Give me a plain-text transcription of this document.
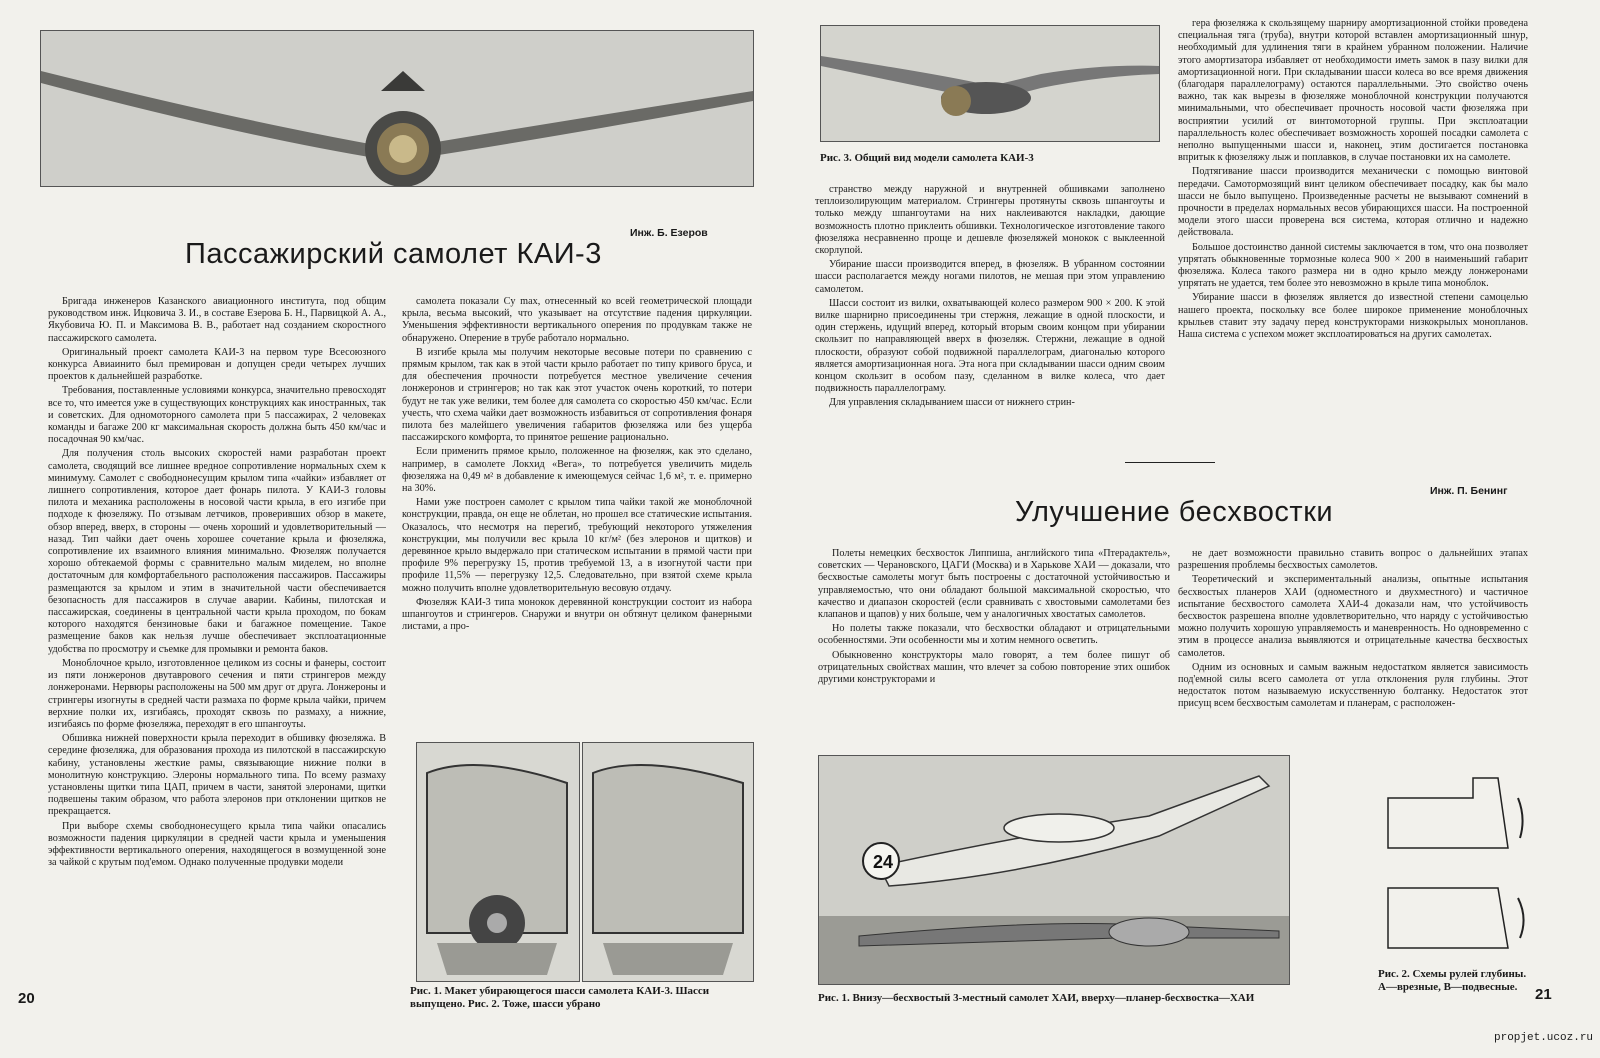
Инж. Б. Езеров
Пассажирский самолет КАИ-3

Бригада инженеров Казанского авиационного института, под общим руководством инж. Ицковича З. И., в составе Езерова Б. Н., Парвицкой А. А., Якубовича Ю. П. и Максимова В. В., работает над созданием скоростного пассажирского самолета.

Оригинальный проект самолета КАИ-3 на первом туре Всесоюзного конкурса Авиаинито был премирован и допущен среди четырех лучших проектов к дальнейшей разработке.

Требования, поставленные условиями конкурса, значительно превосходят все то, что имеется уже в существующих конструкциях как иностранных, так и советских. Для одномоторного самолета при 5 пассажирах, 2 человеках команды и багаже 200 кг максимальная скорость должна быть 450 км/час и посадочная 90 км/час.

Для получения столь высоких скоростей нами разработан проект самолета, сводящий все лишнее вредное сопротивление нормальных схем к минимуму. Самолет с свободнонесущим крылом типа «чайки» избавляет от лишнего сопротивления, которое дает фонарь пилота. У КАИ-3 головы пилота и механика расположены в носовой части крыла, в его изгибе при подходе к фюзеляжу. По отзывам летчиков, проверивших обзор в макете, обзор вперед, вверх, в стороны — очень хороший и удовлетворительный — назад. Тип чайки дает очень хорошее сочетание крыла и фюзеляжа, сопротивление их взаимного влияния минимально. Фюзеляж получается хорошо обтекаемой формы с сравнительно малым миделем, но вполне достаточным для комфортабельного расположения пассажиров. Пассажиры размещаются за крылом и этим в значительной части обеспечивается безопасность для пассажиров в случае аварии. Кабины, пилотская и пассажирская, соединены в центральной части крыла проходом, по бокам которого находятся бензиновые баки и багажное помещение. Такое размещение баков как нельзя лучше обеспечивает эксплоатационные удобства по просмотру и съемке для промывки и ремонта баков.

Моноблочное крыло, изготовленное целиком из сосны и фанеры, состоит из пяти лонжеронов двутаврового сечения и пяти стрингеров между лонжеронами. Нервюры расположены на 500 мм друг от друга. Лонжероны и стрингеры изогнуты в средней части размаха по форме крыла чайки, причем верхние полки их, изгибаясь, проходят сквозь по размаху, а нижние, изгибаясь по форме фюзеляжа, переходят в его шпангоуты.

Обшивка нижней поверхности крыла переходит в обшивку фюзеляжа. В середине фюзеляжа, для образования прохода из пилотской в пассажирскую кабину, установлены жесткие рамы, связывающие нижние полки в монолитную конструкцию. Элероны нормального типа. По всему размаху установлены щитки типа ЦАП, причем в части, занятой элеронами, щитки подвешены таким образом, что работа элеронов при отклонении щитков не прекращается.

При выборе схемы свободнонесущего крыла типа чайки опасались возможности падения циркуляции в средней части крыла и уменьшения эффективности вертикального оперения, находящегося в возмущенной зоне за чайкой с крутым под'емом. Однако полученные продувки модели

самолета показали Cy max, отнесенный ко всей геометрической площади крыла, весьма высокий, что указывает на отсутствие падения циркуляции. Уменьшения эффективности вертикального оперения по продувкам также не обнаружено. Оперение в трубе работало нормально.

В изгибе крыла мы получим некоторые весовые потери по сравнению с прямым крылом, так как в этой части крыло работает по типу кривого бруса, и для обеспечения прочности потребуется местное увеличение сечения лонжеронов и стрингеров; но так как этот участок очень короткий, то потери будут не так уже велики, тем более для самолета со скоростью 450 км/час. Если учесть, что схема чайки дает возможность избавиться от сопротивления фонаря пилота без малейшего увеличения габаритов фюзеляжа или без ущерба пассажирского комфорта, то принятое решение рационально.

Если применить прямое крыло, положенное на фюзеляж, как это сделано, например, в самолете Локхид «Вега», то потребуется увеличить мидель фюзеляжа на 0,49 м² в добавление к имеющемуся сейчас 1,6 м², т. е. примерно на 30%.

Нами уже построен самолет с крылом типа чайки такой же моноблочной конструкции, правда, он еще не облетан, но прошел все статические испытания. Оказалось, что несмотря на перегиб, требующий некоторого утяжеления конструкции, мы получили вес крыла 10 кг/м² (без элеронов и щитков) и деревянное крыло выдержало при статическом испытании в прямой части при профиле 9% перегрузку 15, против требуемой 13, а в изогнутой части при профиле 11,5% — перегрузку 12,5. Следовательно, при взятой схеме крыла можно получить вполне удовлетворительную весовую отдачу.

Фюзеляж КАИ-3 типа монокок деревянной конструкции состоит из набора шпангоутов и стрингеров. Снаружи и внутри он обтянут целиком фанерными листами, а про-

Рис. 1. Макет убирающегося шасси самолета КАИ-3. Шасси выпущено. Рис. 2. Тоже, шасси убрано
20
Рис. 3. Общий вид модели самолета КАИ-3

странство между наружной и внутренней обшивками заполнено теплоизолирующим материалом. Стрингеры протянуты сквозь шпангоуты и только между шпангоутами на них наклеиваются накладки, дающие возможность плотно приклеить обшивки. Технологическое изготовление такого фюзеляжа несравненно проще и дешевле фюзеляжей монокок с выклеенной скорлупой.

Убирание шасси производится вперед, в фюзеляж. В убранном состоянии шасси располагается между ногами пилотов, не мешая при этом управлению самолетом.

Шасси состоит из вилки, охватывающей колесо размером 900 × 200. К этой вилке шарнирно присоединены три стержня, лежащие в одной плоскости, и один стержень, идущий вперед, который вторым своим концом при убирании скользит по направляющей вверх в фюзеляж. Стержни, лежащие в одной плоскости, образуют собой подвижной параллелограм, диагональю которого является амортизационная нога. Эта нога при складывании шасси одним своим концом скользит в особом пазу, сделанном в вилке колеса, что дает подвижность параллелограму.

Для управления складыванием шасси от нижнего стрин-

гера фюзеляжа к скользящему шарниру амортизационной стойки проведена специальная тяга (труба), внутри которой вставлен амортизационный шнур, необходимый для удлинения тяги в крайнем убранном положении. Наличие этого амортизатора избавляет от необходимости иметь замок в пазу вилки для амортизационной ноги. При складывании шасси колеса во все время движения (благодаря параллелограму) остаются параллельными. Это свойство очень важно, так как вырезы в фюзеляже моноблочной конструкции получаются минимальными, что обеспечивает прочность носовой части фюзеляжа при восприятии усилий от винтомоторной группы. При эксплоатации параллельность колес обеспечивает возможность хорошей посадки самолета с неполно выпущенными шасси и, наконец, этим достигается постановка впритык к фюзеляжу лыж и поплавков, в случае постановки их на самолете.

Подтягивание шасси производится механически с помощью винтовой передачи. Самотормозящий винт целиком обеспечивает посадку, как бы мало шасси не было выпущено. Произведенные расчеты не вызывают сомнений в прочности в пределах нормальных весов убирающихся шасси. На построенной модели этого шасси проверена вся система, которая отлично и надежно действовала.

Большое достоинство данной системы заключается в том, что она позволяет упрятать обыкновенные тормозные колеса 900 × 200 в наименьший габарит фюзеляжа. Колеса такого размера ни в одно крыло между лонжеронами упрятать не удается, тем более это невозможно в крыле типа моноблок.

Убирание шасси в фюзеляж является до известной степени самоцелью нашего проекта, поскольку все более широкое применение моноблочных крыльев ставит эту задачу перед конструкторами низкокрылых монопланов. Наша система с успехом может эксплоатироваться на других самолетах.

Инж. П. Бенинг
Улучшение бесхвостки

Полеты немецких бесхвосток Липпиша, английского типа «Птерадактель», советских — Черановского, ЦАГИ (Москва) и в Харькове ХАИ — доказали, что бесхвостые самолеты могут быть построены с достаточной устойчивостью и управляемостью, что они обладают большой максимальной скоростью, что качество и диапазон скоростей (если сравнивать с хвостовыми самолетами без клапанов и щапов) у них больше, чем у аналогичных хвостатых самолетов.

Но полеты также показали, что бесхвостки обладают и отрицательными особенностями. Эти особенности мы и хотим немного осветить.

Обыкновенно конструкторы мало говорят, а тем более пишут об отрицательных свойствах машин, что влечет за собою повторение этих ошибок другими конструкторами и

не дает возможности правильно ставить вопрос о дальнейших этапах разрешения проблемы бесхвостых самолетов.

Теоретический и экспериментальный анализы, опытные испытания бесхвостых планеров ХАИ (одноместного и двухместного) и частичное испытание бесхвостого самолета ХАИ-4 доказали нам, что устойчивость бесхвосток разрешена вполне удовлетворительно, что наряду с устойчивостью можно получить хорошую управляемость и маневренность. Но одновременно с этим в процессе анализа выявляются и отрицательные качества бесхвостых самолетов.

Одним из основных и самым важным недостатком является зависимость под'емной силы всего самолета от угла отклонения руля глубины. Этот недостаток потом называемую искусственную болтанку. Недостаток этот присущ всем бесхвостым самолетам и планерам, с расположен-

24
Рис. 1. Внизу—бесхвостый 3-местный самолет ХАИ, вверху—планер-бесхвостка—ХАИ
Рис. 2. Схемы рулей глубины. А—врезные, В—подвесные.	21
propjet.ucoz.ru
